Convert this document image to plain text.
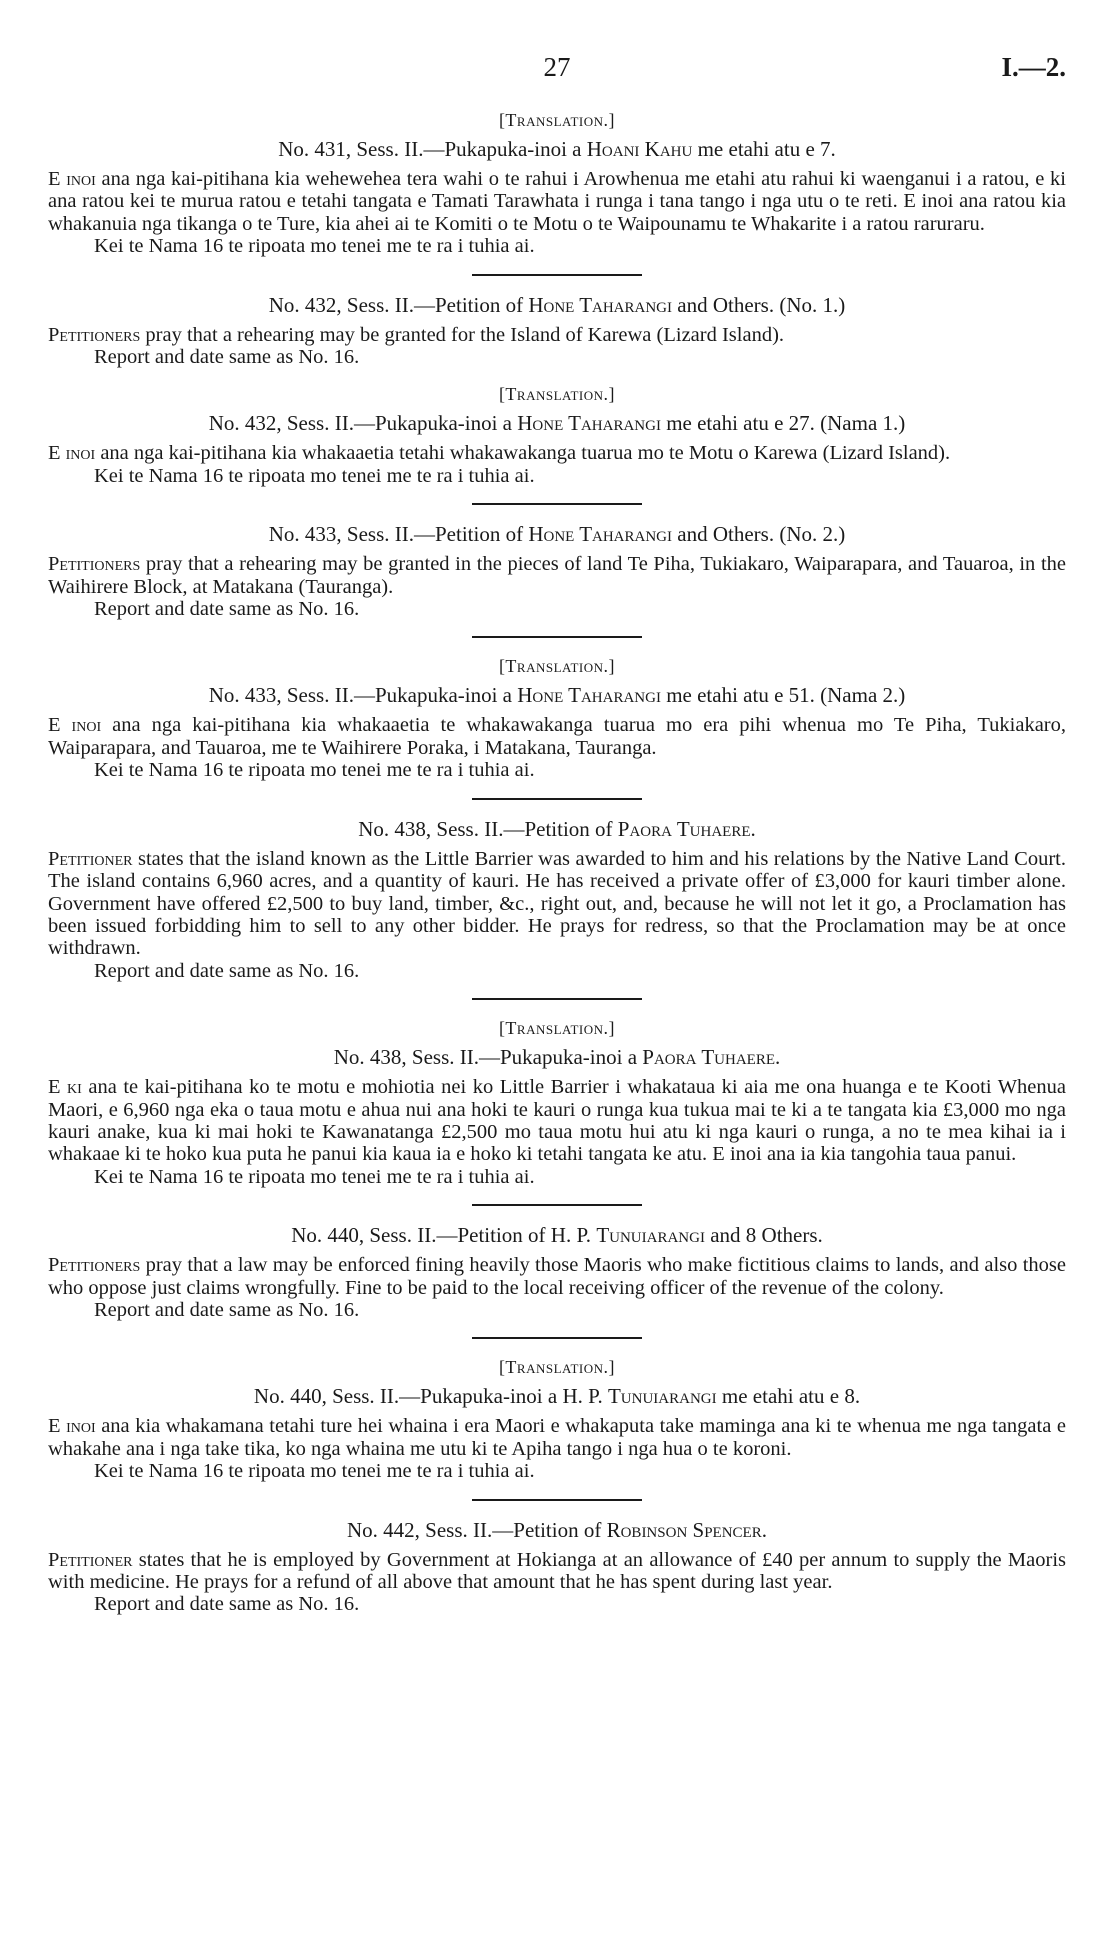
27	I.—2.
[Translation.]
No. 431, Sess. II.—Pukapuka-inoi a Hoani Kahu me etahi atu e 7.

E inoi ana nga kai-pitihana kia wehewehea tera wahi o te rahui i Arowhenua me etahi atu rahui ki waenganui i a ratou, e ki ana ratou kei te murua ratou e tetahi tangata e Tamati Tarawhata i runga i tana tango i nga utu o te reti. E inoi ana ratou kia whakanuia nga tikanga o te Ture, kia ahei ai te Komiti o te Motu o te Waipounamu te Whakarite i a ratou raruraru.

Kei te Nama 16 te ripoata mo tenei me te ra i tuhia ai.
No. 432, Sess. II.—Petition of Hone Taharangi and Others. (No. 1.)

Petitioners pray that a rehearing may be granted for the Island of Karewa (Lizard Island).

Report and date same as No. 16.
[Translation.]
No. 432, Sess. II.—Pukapuka-inoi a Hone Taharangi me etahi atu e 27. (Nama 1.)

E inoi ana nga kai-pitihana kia whakaaetia tetahi whakawakanga tuarua mo te Motu o Karewa (Lizard Island).

Kei te Nama 16 te ripoata mo tenei me te ra i tuhia ai.
No. 433, Sess. II.—Petition of Hone Taharangi and Others. (No. 2.)

Petitioners pray that a rehearing may be granted in the pieces of land Te Piha, Tukiakaro, Waiparapara, and Tauaroa, in the Waihirere Block, at Matakana (Tauranga).

Report and date same as No. 16.
[Translation.]
No. 433, Sess. II.—Pukapuka-inoi a Hone Taharangi me etahi atu e 51. (Nama 2.)

E inoi ana nga kai-pitihana kia whakaaetia te whakawakanga tuarua mo era pihi whenua mo Te Piha, Tukiakaro, Waiparapara, and Tauaroa, me te Waihirere Poraka, i Matakana, Tauranga.

Kei te Nama 16 te ripoata mo tenei me te ra i tuhia ai.
No. 438, Sess. II.—Petition of Paora Tuhaere.

Petitioner states that the island known as the Little Barrier was awarded to him and his relations by the Native Land Court. The island contains 6,960 acres, and a quantity of kauri. He has received a private offer of £3,000 for kauri timber alone. Government have offered £2,500 to buy land, timber, &c., right out, and, because he will not let it go, a Proclamation has been issued forbidding him to sell to any other bidder. He prays for redress, so that the Proclamation may be at once withdrawn.

Report and date same as No. 16.
[Translation.]
No. 438, Sess. II.—Pukapuka-inoi a Paora Tuhaere.

E ki ana te kai-pitihana ko te motu e mohiotia nei ko Little Barrier i whakataua ki aia me ona huanga e te Kooti Whenua Maori, e 6,960 nga eka o taua motu e ahua nui ana hoki te kauri o runga kua tukua mai te ki a te tangata kia £3,000 mo nga kauri anake, kua ki mai hoki te Kawanatanga £2,500 mo taua motu hui atu ki nga kauri o runga, a no te mea kihai ia i whakaae ki te hoko kua puta he panui kia kaua ia e hoko ki tetahi tangata ke atu. E inoi ana ia kia tangohia taua panui.

Kei te Nama 16 te ripoata mo tenei me te ra i tuhia ai.
No. 440, Sess. II.—Petition of H. P. Tunuiarangi and 8 Others.

Petitioners pray that a law may be enforced fining heavily those Maoris who make fictitious claims to lands, and also those who oppose just claims wrongfully. Fine to be paid to the local receiving officer of the revenue of the colony.

Report and date same as No. 16.
[Translation.]
No. 440, Sess. II.—Pukapuka-inoi a H. P. Tunuiarangi me etahi atu e 8.

E inoi ana kia whakamana tetahi ture hei whaina i era Maori e whakaputa take maminga ana ki te whenua me nga tangata e whakahe ana i nga take tika, ko nga whaina me utu ki te Apiha tango i nga hua o te koroni.

Kei te Nama 16 te ripoata mo tenei me te ra i tuhia ai.
No. 442, Sess. II.—Petition of Robinson Spencer.

Petitioner states that he is employed by Government at Hokianga at an allowance of £40 per annum to supply the Maoris with medicine. He prays for a refund of all above that amount that he has spent during last year.

Report and date same as No. 16.
